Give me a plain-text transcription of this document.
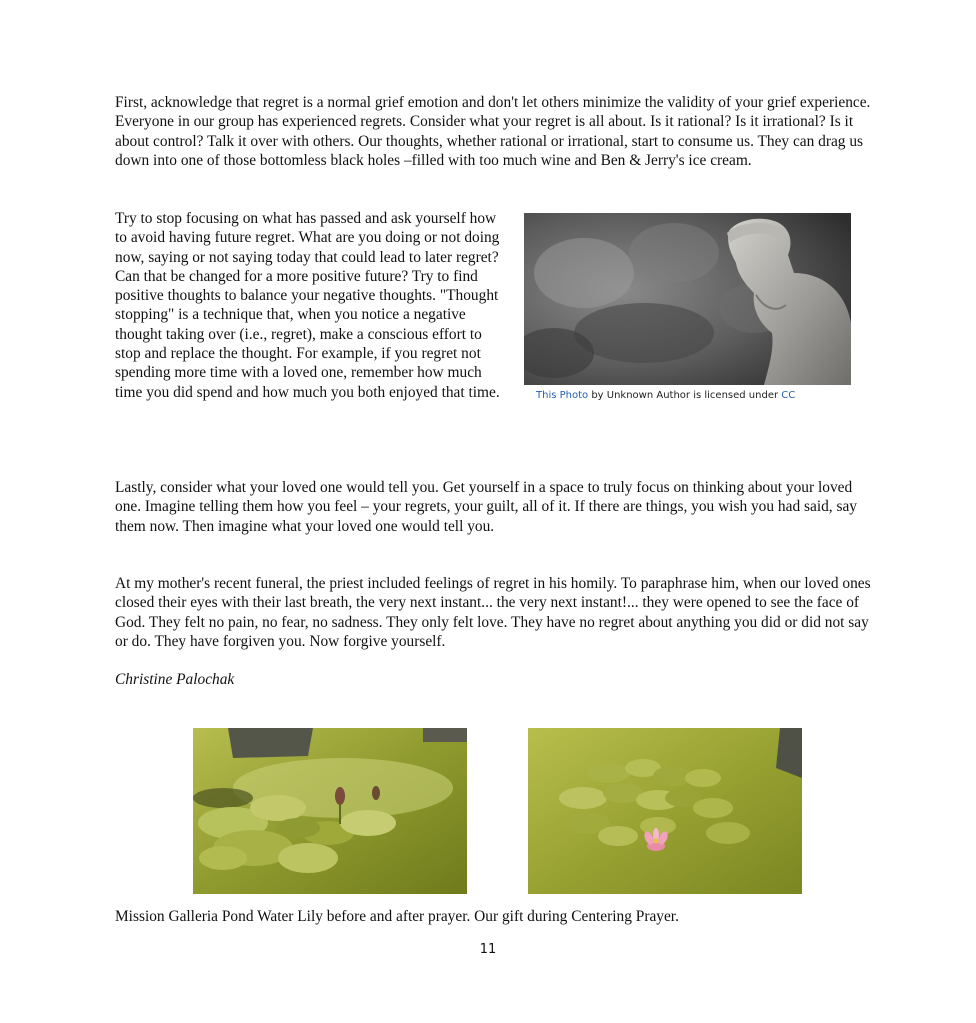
First, acknowledge that regret is a normal grief emotion and don't let others minimize the validity of your grief experience. Everyone in our group has experienced regrets. Consider what your regret is all about. Is it rational? Is it irrational? Is it about control? Talk it over with others. Our thoughts, whether rational or irrational, start to consume us. They can drag us down into one of those bottomless black holes –filled with too much wine and Ben & Jerry's ice cream.

Try to stop focusing on what has passed and ask yourself how to avoid having future regret. What are you doing or not doing now, saying or not saying today that could lead to later regret? Can that be changed for a more positive future? Try to find positive thoughts to balance your negative thoughts. "Thought stopping" is a technique that, when you notice a negative thought taking over (i.e., regret), make a conscious effort to stop and replace the thought. For example, if you regret not spending more time with a loved one, remember how much time you did spend and how much you both enjoyed that time.	This Photo by Unknown Author is licensed under CC

Lastly, consider what your loved one would tell you. Get yourself in a space to truly focus on thinking about your loved one. Imagine telling them how you feel – your regrets, your guilt, all of it. If there are things, you wish you had said, say them now. Then imagine what your loved one would tell you.

At my mother's recent funeral, the priest included feelings of regret in his homily. To paraphrase him, when our loved ones closed their eyes with their last breath, the very next instant... the very next instant!... they were opened to see the face of God. They felt no pain, no fear, no sadness. They only felt love. They have no regret about anything you did or did not say or do. They have forgiven you. Now forgive yourself.

Christine Palochak

Mission Galleria Pond Water Lily before and after prayer. Our gift during Centering Prayer.

11
